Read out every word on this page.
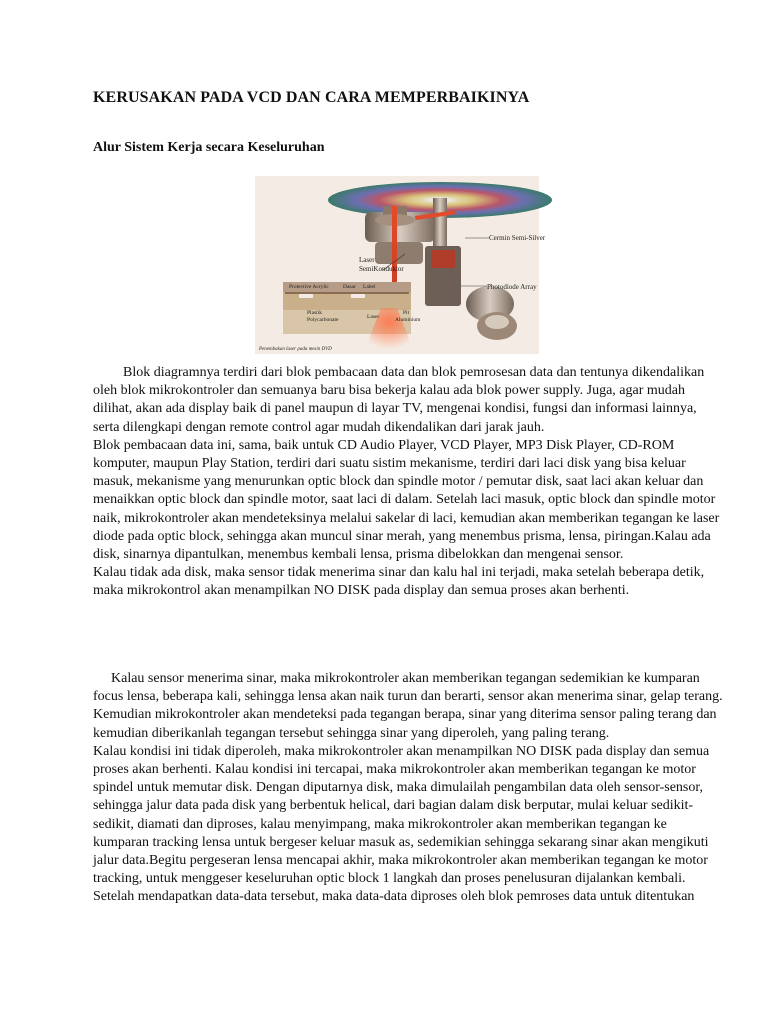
KERUSAKAN PADA VCD DAN CARA MEMPERBAIKINYA
Alur Sistem Kerja secara Keseluruhan
Cermin Semi-Silver
Laser
SemiKonduktor
Photodiode Array
Protective Acrylic	Dasar Label
Plastik
Polycarbonate	Laser
Pit
Aluminium
Penembakan laser pada mesin DVD

Blok diagramnya terdiri dari blok pembacaan data dan blok pemrosesan data dan tentunya dikendalikan oleh blok mikrokontroler dan semuanya baru bisa bekerja kalau ada blok power supply. Juga, agar mudah dilihat, akan ada display baik di panel maupun di layar TV, mengenai kondisi, fungsi dan informasi lainnya, serta dilengkapi dengan remote control agar mudah dikendalikan dari jarak jauh.

Blok pembacaan data ini, sama, baik untuk CD Audio Player, VCD Player, MP3 Disk Player, CD-ROM komputer, maupun Play Station, terdiri dari suatu sistim mekanisme, terdiri dari laci disk yang bisa keluar masuk, mekanisme yang menurunkan optic block dan spindle motor / pemutar disk, saat laci akan keluar dan menaikkan optic block dan spindle motor, saat laci di dalam. Setelah laci masuk, optic block dan spindle motor naik, mikrokontroler akan mendeteksinya melalui sakelar di laci, kemudian akan memberikan tegangan ke laser diode pada optic block, sehingga akan muncul sinar merah, yang menembus prisma, lensa, piringan.Kalau ada disk, sinarnya dipantulkan, menembus kembali lensa, prisma dibelokkan dan mengenai sensor.

Kalau tidak ada disk, maka sensor tidak menerima sinar dan kalu hal ini terjadi, maka setelah beberapa detik, maka mikrokontrol akan menampilkan NO DISK pada display dan semua proses akan berhenti.

Kalau sensor menerima sinar, maka mikrokontroler akan memberikan tegangan sedemikian ke kumparan focus lensa, beberapa kali, sehingga lensa akan naik turun dan berarti, sensor akan menerima sinar, gelap terang. Kemudian mikrokontroler akan mendeteksi pada tegangan berapa, sinar yang diterima sensor paling terang dan kemudian diberikanlah tegangan tersebut sehingga sinar yang diperoleh, yang paling terang.

Kalau kondisi ini tidak diperoleh, maka mikrokontroler akan menampilkan NO DISK pada display dan semua proses akan berhenti. Kalau kondisi ini tercapai, maka mikrokontroler akan memberikan tegangan ke motor spindel untuk memutar disk. Dengan diputarnya disk, maka dimulailah pengambilan data oleh sensor-sensor, sehingga jalur data pada disk yang berbentuk helical, dari bagian dalam disk berputar, mulai keluar sedikit-sedikit, diamati dan diproses, kalau menyimpang, maka mikrokontroler akan memberikan tegangan ke kumparan tracking lensa untuk bergeser keluar masuk as, sedemikian sehingga sekarang sinar akan mengikuti jalur data.Begitu pergeseran lensa mencapai akhir, maka mikrokontroler akan memberikan tegangan ke motor tracking, untuk menggeser keseluruhan optic block 1 langkah dan proses penelusuran dijalankan kembali. Setelah mendapatkan data-data tersebut, maka data-data diproses oleh blok pemroses data untuk ditentukan
